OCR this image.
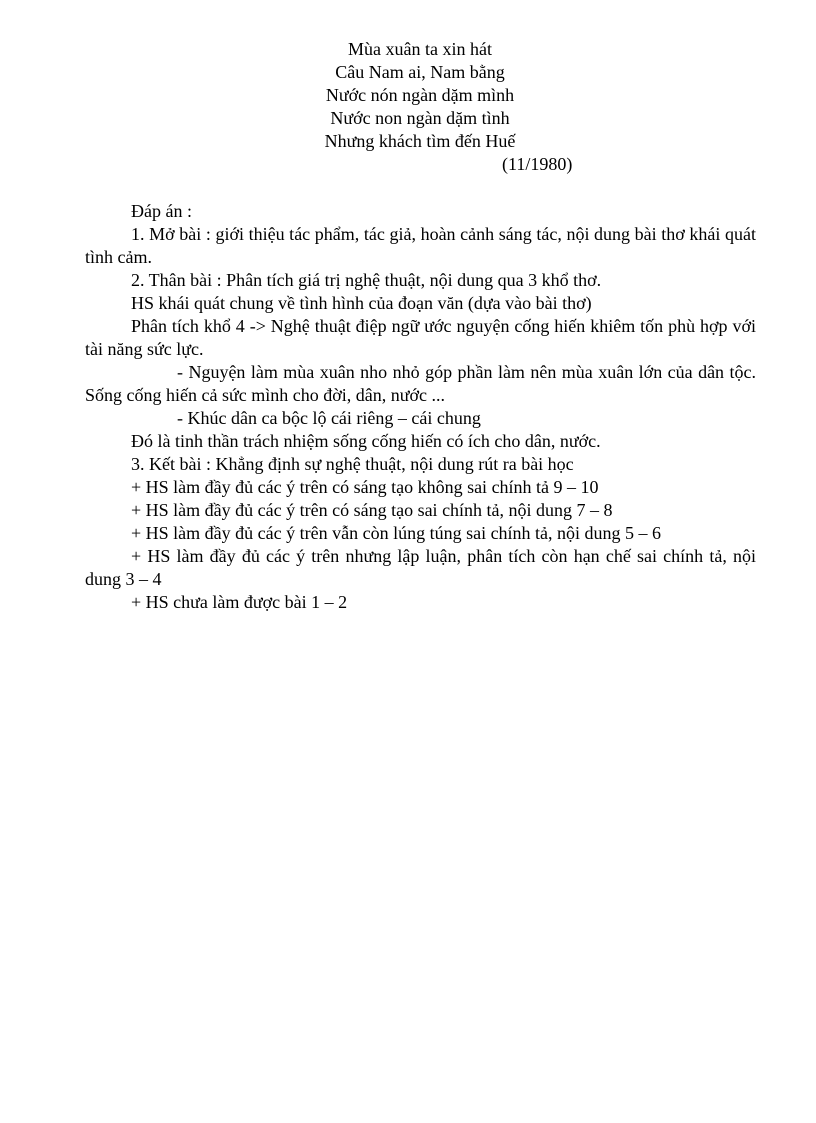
Mùa xuân ta xin hát
Câu Nam ai, Nam bằng
Nước nón ngàn dặm mình
Nước non ngàn dặm tình
Nhưng khách tìm đến Huế
(11/1980)

Đáp án :

1. Mở bài : giới thiệu tác phẩm, tác giả, hoàn cảnh sáng tác, nội dung bài thơ khái quát tình cảm.

2. Thân bài : Phân tích giá trị nghệ thuật, nội dung qua 3 khổ thơ.

HS khái quát chung về tình hình của đoạn văn (dựa vào bài thơ)

Phân tích khổ 4 -> Nghệ thuật điệp ngữ ước nguyện cống hiến khiêm tốn phù hợp với tài năng sức lực.

- Nguyện làm mùa xuân nho nhỏ góp phần làm nên mùa xuân lớn của dân tộc. Sống cống hiến cả sức mình cho đời, dân, nước ...

- Khúc dân ca bộc lộ cái riêng – cái chung

Đó là tinh thần trách nhiệm sống cống hiến có ích cho dân, nước.

3. Kết bài : Khẳng định sự nghệ thuật, nội dung rút ra bài học

+ HS làm đầy đủ các ý trên có sáng tạo không sai chính tả 9 – 10

+ HS làm đầy đủ các ý trên có sáng tạo sai chính tả, nội dung 7 – 8

+ HS làm đầy đủ các ý trên vẫn còn lúng túng sai chính tả, nội dung 5 – 6

+ HS làm đầy đủ các ý trên nhưng lập luận, phân tích còn hạn chế sai chính tả, nội dung 3 – 4

+ HS chưa làm được bài 1 – 2
